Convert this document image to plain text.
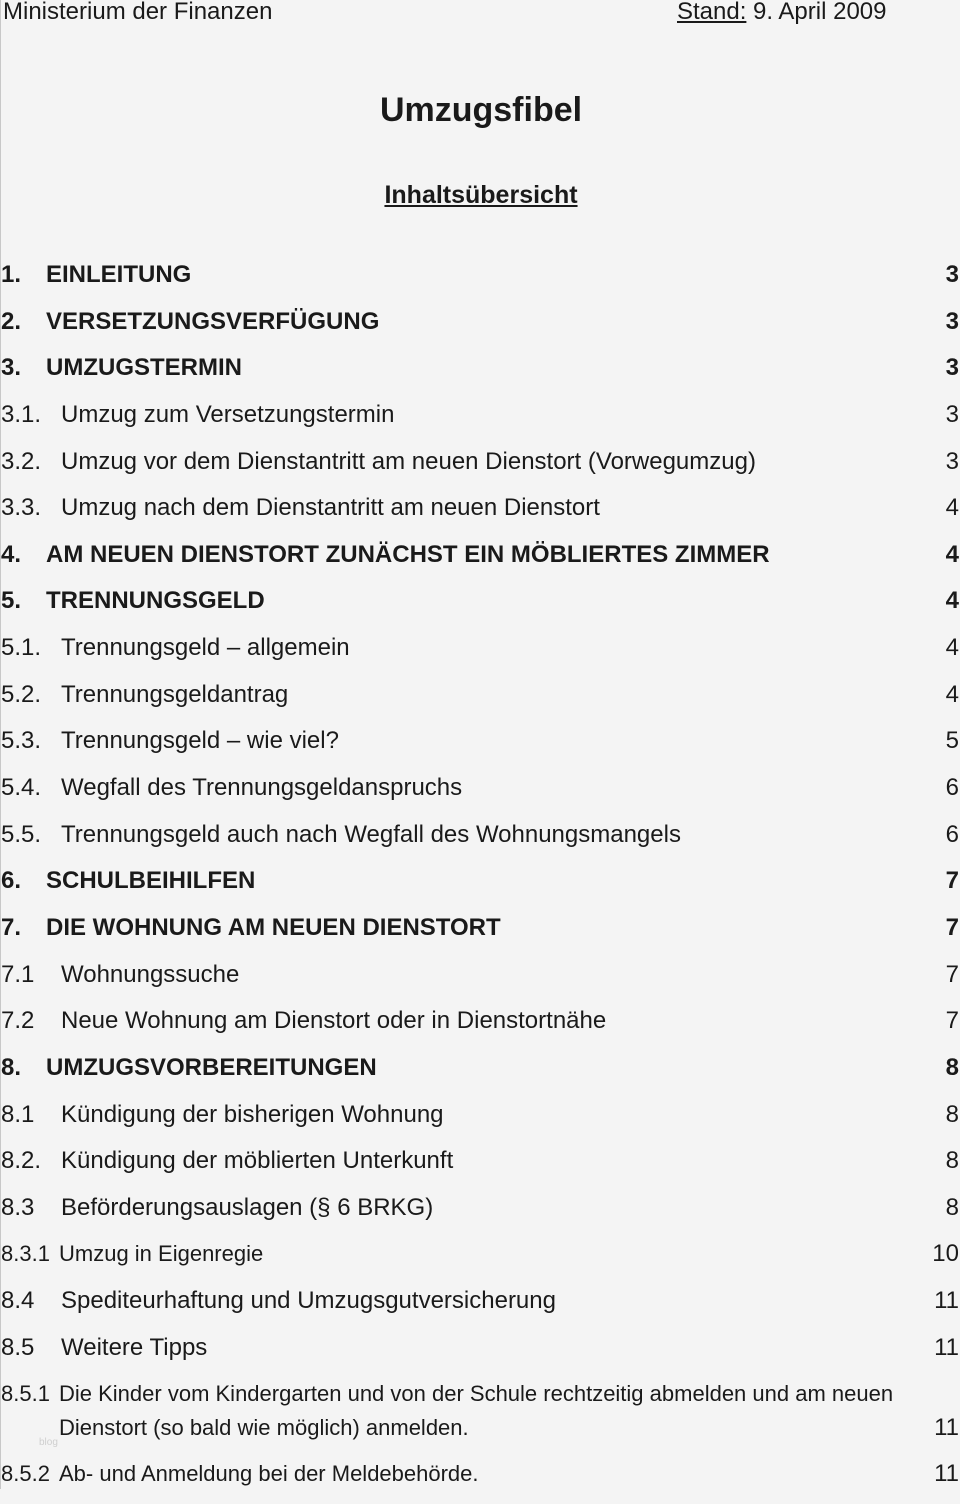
Ministerium der Finanzen	Stand: 9. April 2009
Umzugsfibel
Inhaltsübersicht
1. EINLEITUNG	3
2. VERSETZUNGSVERFÜGUNG	3
3. UMZUGSTERMIN	3
3.1. Umzug zum Versetzungstermin	3
3.2. Umzug vor dem Dienstantritt am neuen Dienstort (Vorwegumzug)	3
3.3. Umzug nach dem Dienstantritt am neuen Dienstort	4
4. AM NEUEN DIENSTORT ZUNÄCHST EIN MÖBLIERTES ZIMMER	4
5. TRENNUNGSGELD	4
5.1. Trennungsgeld – allgemein	4
5.2. Trennungsgeldantrag	4
5.3. Trennungsgeld – wie viel?	5
5.4. Wegfall des Trennungsgeldanspruchs	6
5.5. Trennungsgeld auch nach Wegfall des Wohnungsmangels	6
6. SCHULBEIHILFEN	7
7. DIE WOHNUNG AM NEUEN DIENSTORT	7
7.1 Wohnungssuche	7
7.2 Neue Wohnung am Dienstort oder in Dienstortnähe	7
8. UMZUGSVORBEREITUNGEN	8
8.1 Kündigung der bisherigen Wohnung	8
8.2. Kündigung der möblierten Unterkunft	8
8.3 Beförderungsauslagen (§ 6 BRKG)	8
8.3.1 Umzug in Eigenregie	10
8.4 Spediteurhaftung und Umzugsgutversicherung	11
8.5 Weitere Tipps	11
8.5.1 Die Kinder vom Kindergarten und von der Schule rechtzeitig abmelden und am neuen Dienstort (so bald wie möglich) anmelden.	11
8.5.2 Ab- und Anmeldung bei der Meldebehörde.	11
blog
